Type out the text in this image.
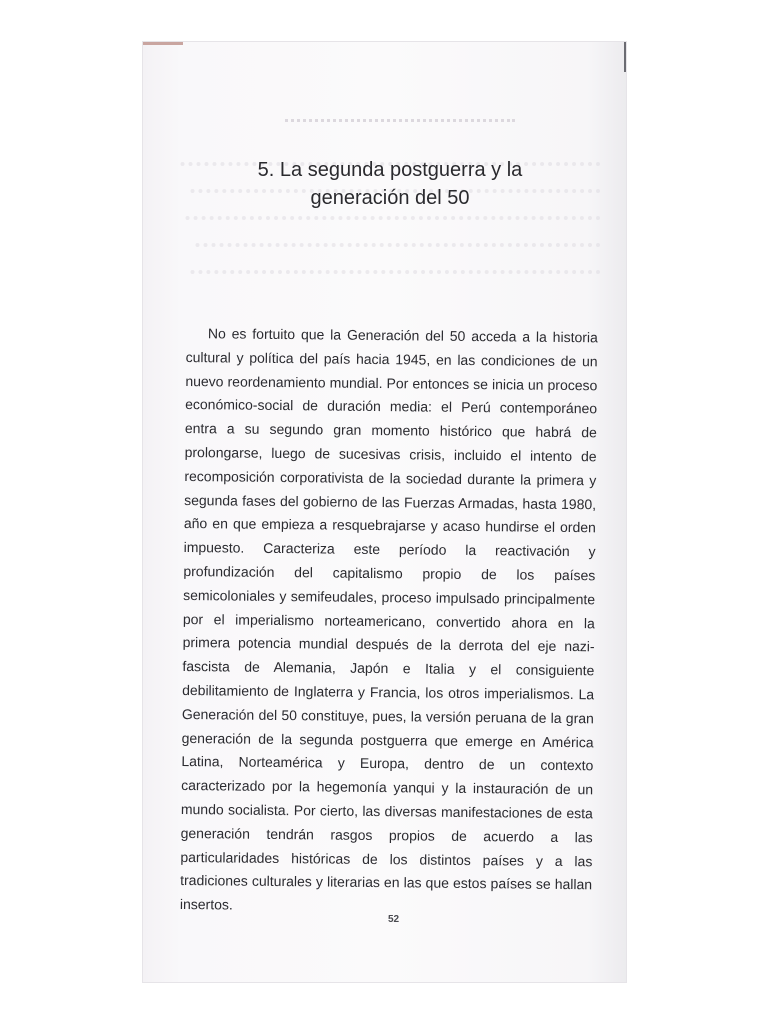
5. La segunda postguerra y la
generación del 50

No es fortuito que la Generación del 50 acceda a la historia cultural y política del país hacia 1945, en las condiciones de un nuevo reordenamiento mundial. Por entonces se inicia un proceso económico-social de duración media: el Perú contemporáneo entra a su segundo gran momento histórico que habrá de prolongarse, luego de sucesivas crisis, incluido el intento de recomposición corporativista de la sociedad durante la primera y segunda fases del gobierno de las Fuerzas Armadas, hasta 1980, año en que empieza a resquebrajarse y acaso hundirse el orden impuesto. Caracteriza este período la reactivación y profundización del capitalismo propio de los países semicoloniales y semifeudales, proceso impulsado principalmente por el imperialismo norteamericano, convertido ahora en la primera potencia mundial después de la derrota del eje nazi-fascista de Alemania, Japón e Italia y el consiguiente debilitamiento de Inglaterra y Francia, los otros imperialismos. La Generación del 50 constituye, pues, la versión peruana de la gran generación de la segunda postguerra que emerge en América Latina, Norteamérica y Europa, dentro de un contexto caracterizado por la hegemonía yanqui y la instauración de un mundo socialista. Por cierto, las diversas manifestaciones de esta generación tendrán rasgos propios de acuerdo a las particularidades históricas de los distintos países y a las tradiciones culturales y literarias en las que estos países se hallan insertos.

52
